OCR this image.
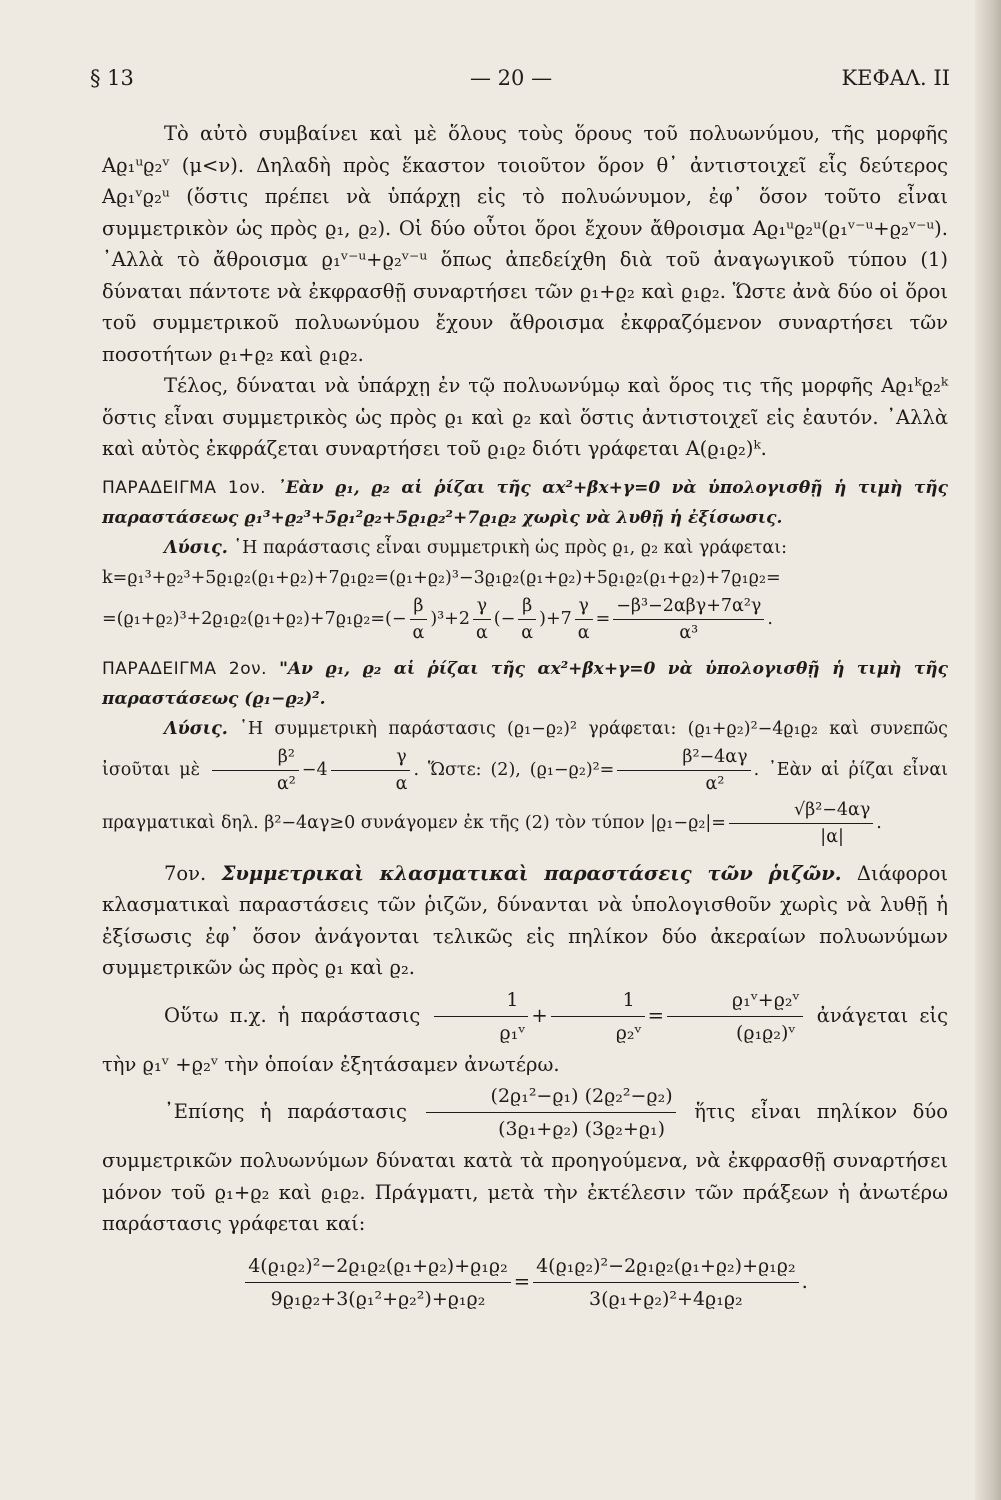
§ 13	— 20 —	ΚΕΦΑΛ. II

Τὸ αὐτὸ συμβαίνει καὶ μὲ ὅλους τοὺς ὅρους τοῦ πολυωνύμου, τῆς μορφῆς Aϱ₁ᵘϱ₂ᵛ (μ<ν). Δηλαδὴ πρὸς ἕκαστον τοιοῦτον ὅρον θ᾿ ἀντιστοιχεῖ εἷς δεύτερος Aϱ₁ᵛϱ₂ᵘ (ὅστις πρέπει νὰ ὑπάρχῃ εἰς τὸ πολυώνυμον, ἐφ᾿ ὅσον τοῦτο εἶναι συμμετρικὸν ὡς πρὸς ϱ₁, ϱ₂). Οἱ δύο οὗτοι ὅροι ἔχουν ἄθροισμα Aϱ₁ᵘϱ₂ᵘ(ϱ₁ᵛ⁻ᵘ+ϱ₂ᵛ⁻ᵘ). ᾿Αλλὰ τὸ ἄθροισμα ϱ₁ᵛ⁻ᵘ+ϱ₂ᵛ⁻ᵘ ὅπως ἀπεδείχθη διὰ τοῦ ἀναγωγικοῦ τύπου (1) δύναται πάντοτε νὰ ἐκφρασθῇ συναρτήσει τῶν ϱ₁+ϱ₂ καὶ ϱ₁ϱ₂. Ὥστε ἀνὰ δύο οἱ ὅροι τοῦ συμμετρικοῦ πολυωνύμου ἔχουν ἄθροισμα ἐκφραζόμενον συναρτήσει τῶν ποσοτήτων ϱ₁+ϱ₂ καὶ ϱ₁ϱ₂.

Τέλος, δύναται νὰ ὑπάρχῃ ἐν τῷ πολυωνύμῳ καὶ ὅρος τις τῆς μορφῆς Aϱ₁ᵏϱ₂ᵏ ὅστις εἶναι συμμετρικὸς ὡς πρὸς ϱ₁ καὶ ϱ₂ καὶ ὅστις ἀντιστοιχεῖ εἰς ἑαυτόν. ᾿Αλλὰ καὶ αὐτὸς ἐκφράζεται συναρτήσει τοῦ ϱ₁ϱ₂ διότι γράφεται A(ϱ₁ϱ₂)ᵏ.

ΠΑΡΑΔΕΙΓΜΑ 1ον. ᾿Εὰν ϱ₁, ϱ₂ αἱ ῥίζαι τῆς αx²+βx+γ=0 νὰ ὑπολογισθῇ ἡ τιμὴ τῆς παραστάσεως ϱ₁³+ϱ₂³+5ϱ₁²ϱ₂+5ϱ₁ϱ₂²+7ϱ₁ϱ₂ χωρὶς νὰ λυθῇ ἡ ἐξίσωσις.

Λύσις. ῾Η παράστασις εἶναι συμμετρικὴ ὡς πρὸς ϱ₁, ϱ₂ καὶ γράφεται:

k=ϱ₁³+ϱ₂³+5ϱ₁ϱ₂(ϱ₁+ϱ₂)+7ϱ₁ϱ₂=(ϱ₁+ϱ₂)³−3ϱ₁ϱ₂(ϱ₁+ϱ₂)+5ϱ₁ϱ₂(ϱ₁+ϱ₂)+7ϱ₁ϱ₂=

$=(ϱ_1+ϱ_2)^3+2ϱ_1ϱ_2(ϱ_1+ϱ_2)+7ϱ_1ϱ_2=(- \frac{\beta}{\alpha} )^3+2 \frac{\gamma}{\alpha}$ (− $\frac{\beta}{\alpha} )+7 \frac{\gamma}{\alpha} = \frac{\text{−β³−2αβγ+7α²γ}}{\text{α³}}$ .

ΠΑΡΑΔΕΙΓΜΑ 2ον. "Αν ϱ₁, ϱ₂ αἱ ῥίζαι τῆς αx²+βx+γ=0 νὰ ὑπολογισθῇ ἡ τιμὴ τῆς παραστάσεως (ϱ₁−ϱ₂)².

Λύσις. ῾Η συμμετρικὴ παράστασις (ϱ₁−ϱ₂)² γράφεται: (ϱ₁+ϱ₂)²−4ϱ₁ϱ₂ καὶ συνεπῶς ἰσοῦται μὲ $\frac{\text{β²}}{\text{α²}} -4 \frac{\gamma}{\alpha}$ . Ὥστε: (2), $(ϱ_1-ϱ_2)^2= \frac{\text{β²−4αγ}}{\text{α²}}$ . ᾿Εὰν αἱ ῥίζαι εἶναι πραγματικαὶ δηλ. β²−4αγ≥0 συνάγομεν ἐκ τῆς (2) τὸν τύπον $|ϱ_1-ϱ_2|= \frac{\text{√β²−4αγ}}{|\alpha|}$ .

7ον. Συμμετρικαὶ κλασματικαὶ παραστάσεις τῶν ῥιζῶν. Διάφοροι κλασματικαὶ παραστάσεις τῶν ῥιζῶν, δύνανται νὰ ὑπολογισθοῦν χωρὶς νὰ λυθῇ ἡ ἐξίσωσις ἐφ᾿ ὅσον ἀνάγονται τελικῶς εἰς πηλίκον δύο ἀκεραίων πολυωνύμων συμμετρικῶν ὡς πρὸς ϱ₁ καὶ ϱ₂.

Οὕτω π.χ. ἡ παράστασις $\frac{1}{\text{ϱ₁ᵛ}} + \frac{1}{\text{ϱ₂ᵛ}} = \frac{\text{ϱ₁ᵛ+ϱ₂ᵛ}}{\text{(ϱ₁ϱ₂)ᵛ}}$ ἀνάγεται εἰς τὴν ϱ₁ᵛ +ϱ₂ᵛ τὴν ὁποίαν ἐξητάσαμεν ἀνωτέρω.

᾿Επίσης ἡ παράστασις $\frac{\text{(2ϱ₁²−ϱ₁) (2ϱ₂²−ϱ₂)}}{\text{(3ϱ₁+ϱ₂) (3ϱ₂+ϱ₁)}}$ ἥτις εἶναι πηλίκον δύο συμμετρικῶν πολυωνύμων δύναται κατὰ τὰ προηγούμενα, νὰ ἐκφρασθῇ συναρτήσει μόνον τοῦ ϱ₁+ϱ₂ καὶ ϱ₁ϱ₂. Πράγματι, μετὰ τὴν ἐκτέλεσιν τῶν πράξεων ἡ ἀνωτέρω παράστασις γράφεται καί:

$\frac{\text{4(ϱ₁ϱ₂)²−2ϱ₁ϱ₂(ϱ₁+ϱ₂)+ϱ₁ϱ₂}}{\text{9ϱ₁ϱ₂+3(ϱ₁²+ϱ₂²)+ϱ₁ϱ₂}} = \frac{\text{4(ϱ₁ϱ₂)²−2ϱ₁ϱ₂(ϱ₁+ϱ₂)+ϱ₁ϱ₂}}{\text{3(ϱ₁+ϱ₂)²+4ϱ₁ϱ₂}}$ .
